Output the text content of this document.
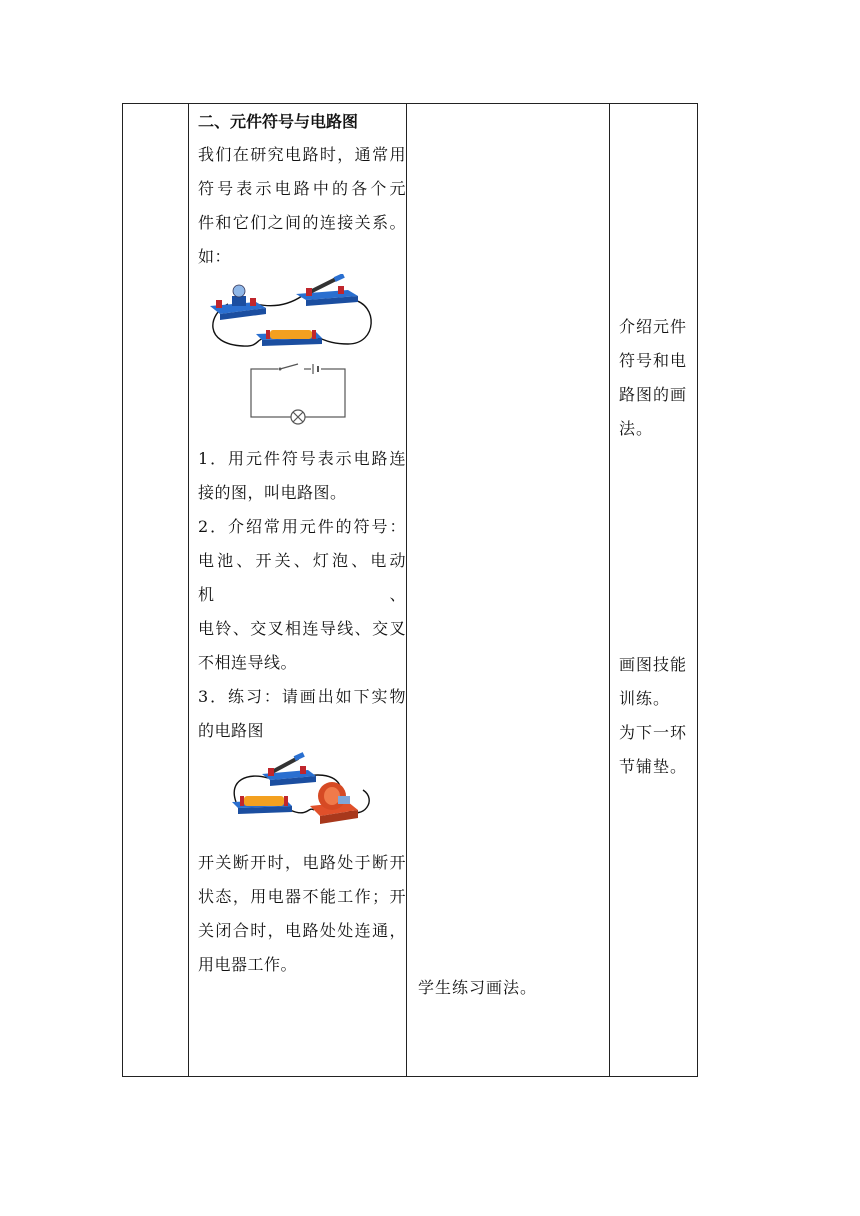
二、元件符号与电路图
我们在研究电路时，通常用
符号表示电路中的各个元
件和它们之间的连接关系。
如：
1．用元件符号表示电路连
接的图，叫电路图。
2．介绍常用元件的符号：
电池、开关、灯泡、电动机、
电铃、交叉相连导线、交叉
不相连导线。
3．练习：请画出如下实物
的电路图
开关断开时，电路处于断开
状态，用电器不能工作；开
关闭合时，电路处处连通，
用电器工作。
学生练习画法。
介绍元件
符号和电
路图的画
法。
画图技能
训练。
为下一环
节铺垫。
